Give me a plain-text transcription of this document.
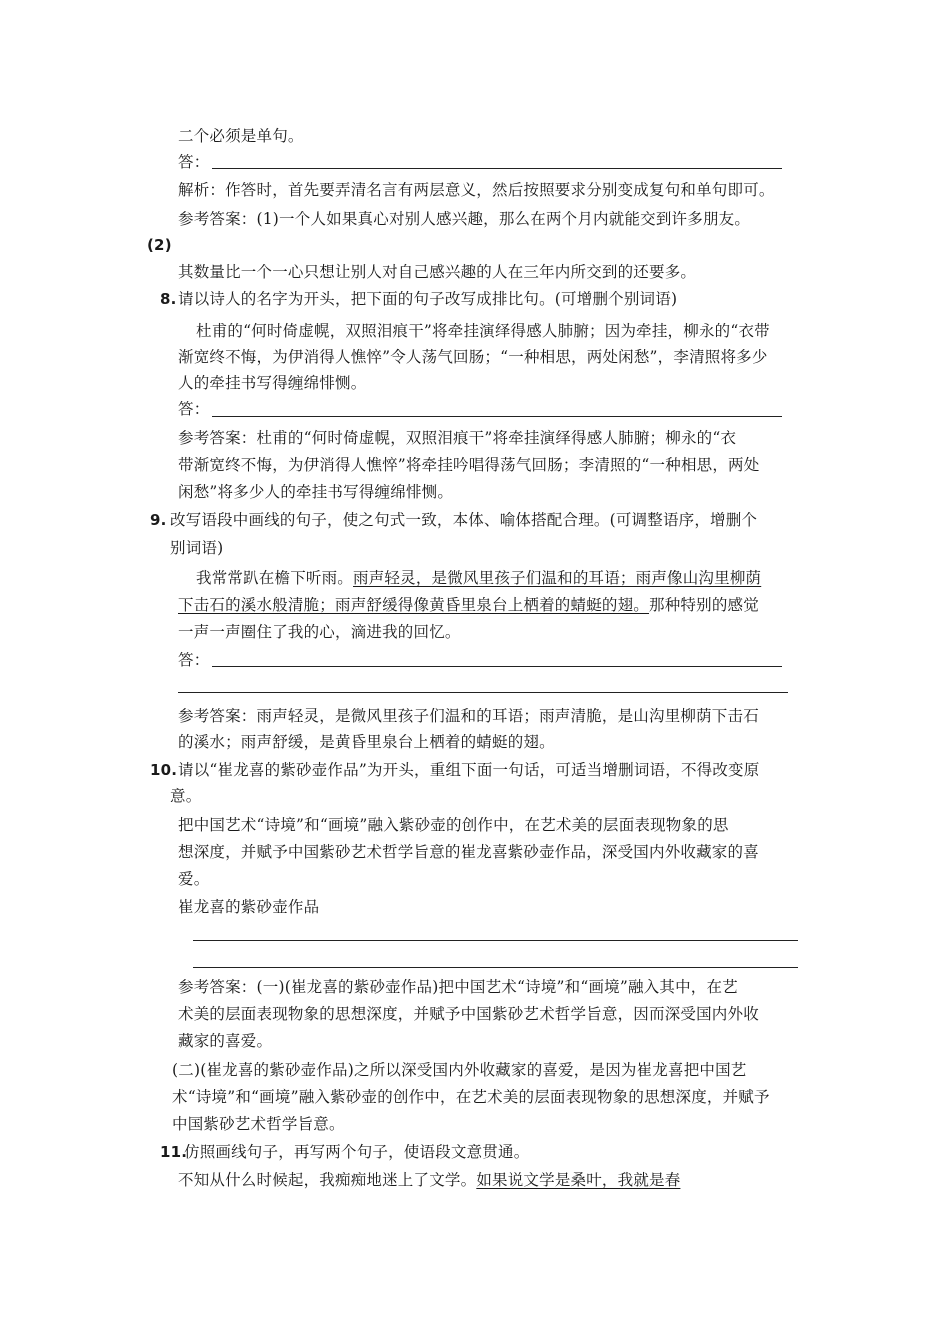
二个必须是单句。
答：
解析：作答时，首先要弄清名言有两层意义，然后按照要求分别变成复句和单句即可。
参考答案：(1)一个人如果真心对别人感兴趣，那么在两个月内就能交到许多朋友。
(2)
其数量比一个一心只想让别人对自己感兴趣的人在三年内所交到的还要多。
8. 请以诗人的名字为开头，把下面的句子改写成排比句。(可增删个别词语)
杜甫的“何时倚虚幌，双照泪痕干”将牵挂演绎得感人肺腑；因为牵挂，柳永的“衣带
渐宽终不悔，为伊消得人憔悴”令人荡气回肠；“一种相思，两处闲愁”，李清照将多少
人的牵挂书写得缠绵悱恻。
答：
参考答案：杜甫的“何时倚虚幌，双照泪痕干”将牵挂演绎得感人肺腑；柳永的“衣
带渐宽终不悔，为伊消得人憔悴”将牵挂吟唱得荡气回肠；李清照的“一种相思，两处
闲愁”将多少人的牵挂书写得缠绵悱恻。
9. 改写语段中画线的句子，使之句式一致，本体、喻体搭配合理。(可调整语序，增删个
别词语)
我常常趴在檐下听雨。雨声轻灵，是微风里孩子们温和的耳语；雨声像山沟里柳荫
下击石的溪水般清脆；雨声舒缓得像黄昏里泉台上栖着的蜻蜓的翅。那种特别的感觉
一声一声圈住了我的心，滴进我的回忆。
答：
参考答案：雨声轻灵，是微风里孩子们温和的耳语；雨声清脆，是山沟里柳荫下击石
的溪水；雨声舒缓，是黄昏里泉台上栖着的蜻蜓的翅。
10. 请以“崔龙喜的紫砂壶作品”为开头，重组下面一句话，可适当增删词语，不得改变原
意。
把中国艺术“诗境”和“画境”融入紫砂壶的创作中，在艺术美的层面表现物象的思
想深度，并赋予中国紫砂艺术哲学旨意的崔龙喜紫砂壶作品，深受国内外收藏家的喜
爱。
崔龙喜的紫砂壶作品
参考答案：(一)(崔龙喜的紫砂壶作品)把中国艺术“诗境”和“画境”融入其中，在艺
术美的层面表现物象的思想深度，并赋予中国紫砂艺术哲学旨意，因而深受国内外收
藏家的喜爱。
(二)(崔龙喜的紫砂壶作品)之所以深受国内外收藏家的喜爱，是因为崔龙喜把中国艺
术“诗境”和“画境”融入紫砂壶的创作中，在艺术美的层面表现物象的思想深度，并赋予
中国紫砂艺术哲学旨意。
11.
仿照画线句子，再写两个句子，使语段文意贯通。
不知从什么时候起，我痴痴地迷上了文学。如果说文学是桑叶，我就是春
